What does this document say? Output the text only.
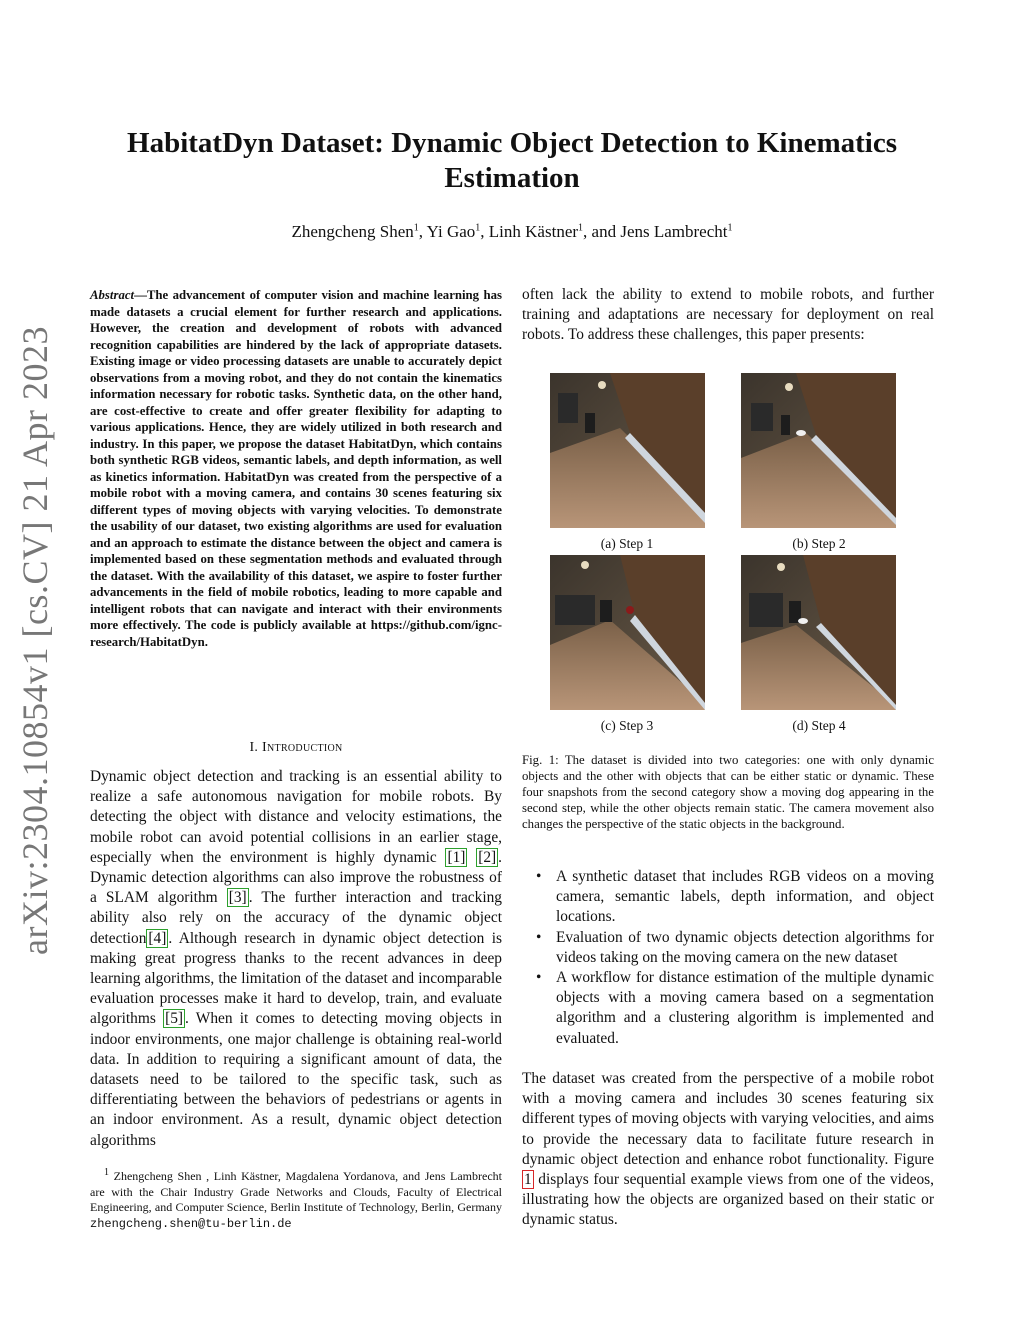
arXiv:2304.10854v1 [cs.CV] 21 Apr 2023
HabitatDyn Dataset: Dynamic Object Detection to Kinematics Estimation
Zhengcheng Shen$^1$, Yi Gao$^1$, Linh Kästner$^1$, and Jens Lambrecht$^1$
Abstract—The advancement of computer vision and machine learning has made datasets a crucial element for further research and applications. However, the creation and development of robots with advanced recognition capabilities are hindered by the lack of appropriate datasets. Existing image or video processing datasets are unable to accurately depict observations from a moving robot, and they do not contain the kinematics information necessary for robotic tasks. Synthetic data, on the other hand, are cost-effective to create and offer greater flexibility for adapting to various applications. Hence, they are widely utilized in both research and industry. In this paper, we propose the dataset HabitatDyn, which contains both synthetic RGB videos, semantic labels, and depth information, as well as kinetics information. HabitatDyn was created from the perspective of a mobile robot with a moving camera, and contains 30 scenes featuring six different types of moving objects with varying velocities. To demonstrate the usability of our dataset, two existing algorithms are used for evaluation and an approach to estimate the distance between the object and camera is implemented based on these segmentation methods and evaluated through the dataset. With the availability of this dataset, we aspire to foster further advancements in the field of mobile robotics, leading to more capable and intelligent robots that can navigate and interact with their environments more effectively. The code is publicly available at https://github.com/ignc-research/HabitatDyn.
I. Introduction
Dynamic object detection and tracking is an essential ability to realize a safe autonomous navigation for mobile robots. By detecting the object with distance and velocity estimations, the mobile robot can avoid potential collisions in an earlier stage, especially when the environment is highly dynamic [1] [2] . Dynamic detection algorithms can also improve the robustness of a SLAM algorithm [3] . The further interaction and tracking ability also rely on the accuracy of the dynamic object detection [4] . Although research in dynamic object detection is making great progress thanks to the recent advances in deep learning algorithms, the limitation of the dataset and incomparable evaluation processes make it hard to develop, train, and evaluate algorithms [5] . When it comes to detecting moving objects in indoor environments, one major challenge is obtaining real-world data. In addition to requiring a significant amount of data, the datasets need to be tailored to the specific task, such as differentiating between the behaviors of pedestrians or agents in an indoor environment. As a result, dynamic object detection algorithms
$^1$ Zhengcheng Shen , Linh Kästner, Magdalena Yordanova, and Jens Lambrecht are with the Chair Industry Grade Networks and Clouds, Faculty of Electrical Engineering, and Computer Science, Berlin Institute of Technology, Berlin, Germany zhengcheng.shen@tu-berlin.de
often lack the ability to extend to mobile robots, and further training and adaptations are necessary for deployment on real robots. To address these challenges, this paper presents:
(a) Step 1	(b) Step 2
(c) Step 3	(d) Step 4
Fig. 1: The dataset is divided into two categories: one with only dynamic objects and the other with objects that can be either static or dynamic. These four snapshots from the second category show a moving dog appearing in the second step, while the other objects remain static. The camera movement also changes the perspective of the static objects in the background.
• A synthetic dataset that includes RGB videos on a moving camera, semantic labels, depth information, and object locations.
• Evaluation of two dynamic objects detection algorithms for videos taking on the moving camera on the new dataset
• A workflow for distance estimation of the multiple dynamic objects with a moving camera based on a segmentation algorithm and a clustering algorithm is implemented and evaluated.
The dataset was created from the perspective of a mobile robot with a moving camera and includes 30 scenes featuring six different types of moving objects with varying velocities, and aims to provide the necessary data to facilitate future research in dynamic object detection and enhance robot functionality. Figure 1 displays four sequential example views from one of the videos, illustrating how the objects are organized based on their static or dynamic status.
